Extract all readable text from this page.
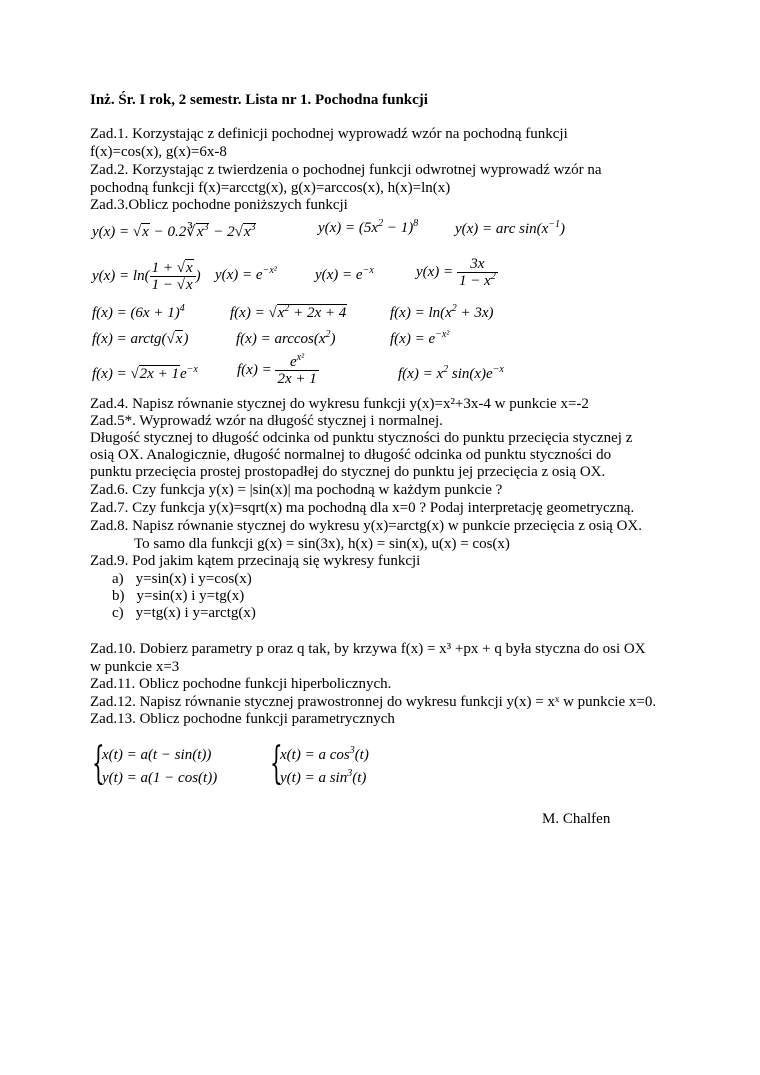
Inż. Śr. I rok, 2 semestr. Lista nr 1. Pochodna funkcji
Zad.1. Korzystając z definicji pochodnej wyprowadź wzór na pochodną funkcji
f(x)=cos(x), g(x)=6x-8
Zad.2. Korzystając z twierdzenia o pochodnej funkcji odwrotnej wyprowadź wzór na
pochodną funkcji f(x)=arcctg(x), g(x)=arccos(x), h(x)=ln(x)
Zad.3.Oblicz pochodne poniższych funkcji
$y(x) = √x - 0.2∛x^3 - 2√x^3$	$y(x) = (5x^2 - 1)^8$ y(x) = arc $\sin(x^{-1})$
$y(x) = \ln( \frac{1 + √x}{1 - √x}$ ) $y(x) = e^{-x^2}$	$y(x) = e^{-x}$	$y(x) = \frac{3x}{1 - x^2}$
$f(x) = (6x + 1)^4$	$f(x) = √x^2 + 2x + 4$	$f(x) = \ln(x^2 + 3x)$
f(x) = arctg(√x)	$f(x) = \arccos(x^2)$	$f(x) = e^{-x^2}$
$f(x) = √2x + 1e^{-x}$	$f(x) = \frac{e^{x^2}}{2x + 1}$	$f(x) = x^2$ $\sin(x)e^{-x}$
Zad.4. Napisz równanie stycznej do wykresu funkcji y(x)=x²+3x-4 w punkcie x=-2
Zad.5*. Wyprowadź wzór na długość stycznej i normalnej.
Długość stycznej to długość odcinka od punktu styczności do punktu przecięcia stycznej z
osią OX. Analogicznie, długość normalnej to długość odcinka od punktu styczności do
punktu przecięcia prostej prostopadłej do stycznej do punktu jej przecięcia z osią OX.
Zad.6. Czy funkcja y(x) = |sin(x)| ma pochodną w każdym punkcie ?
Zad.7. Czy funkcja y(x)=sqrt(x) ma pochodną dla x=0 ? Podaj interpretację geometryczną.
Zad.8. Napisz równanie stycznej do wykresu y(x)=arctg(x) w punkcie przecięcia z osią OX.
To samo dla funkcji g(x) = sin(3x), h(x) = sin(x), u(x) = cos(x)
Zad.9. Pod jakim kątem przecinają się wykresy funkcji
a) y=sin(x) i y=cos(x)
b) y=sin(x) i y=tg(x)
c) y=tg(x) i y=arctg(x)
Zad.10. Dobierz parametry p oraz q tak, by krzywa f(x) = x³ +px + q była styczna do osi OX
w punkcie x=3
Zad.11. Oblicz pochodne funkcji hiperbolicznych.
Zad.12. Napisz równanie stycznej prawostronnej do wykresu funkcji y(x) = xˣ w punkcie x=0.
Zad.13. Oblicz pochodne funkcji parametrycznych
{
x(t) = a(t − sin(t))
y(t) = a(1 − cos(t)) {
x(t) = a $\cos^3(t)$
y(t) = a $\sin^3(t)$
M. Chalfen
